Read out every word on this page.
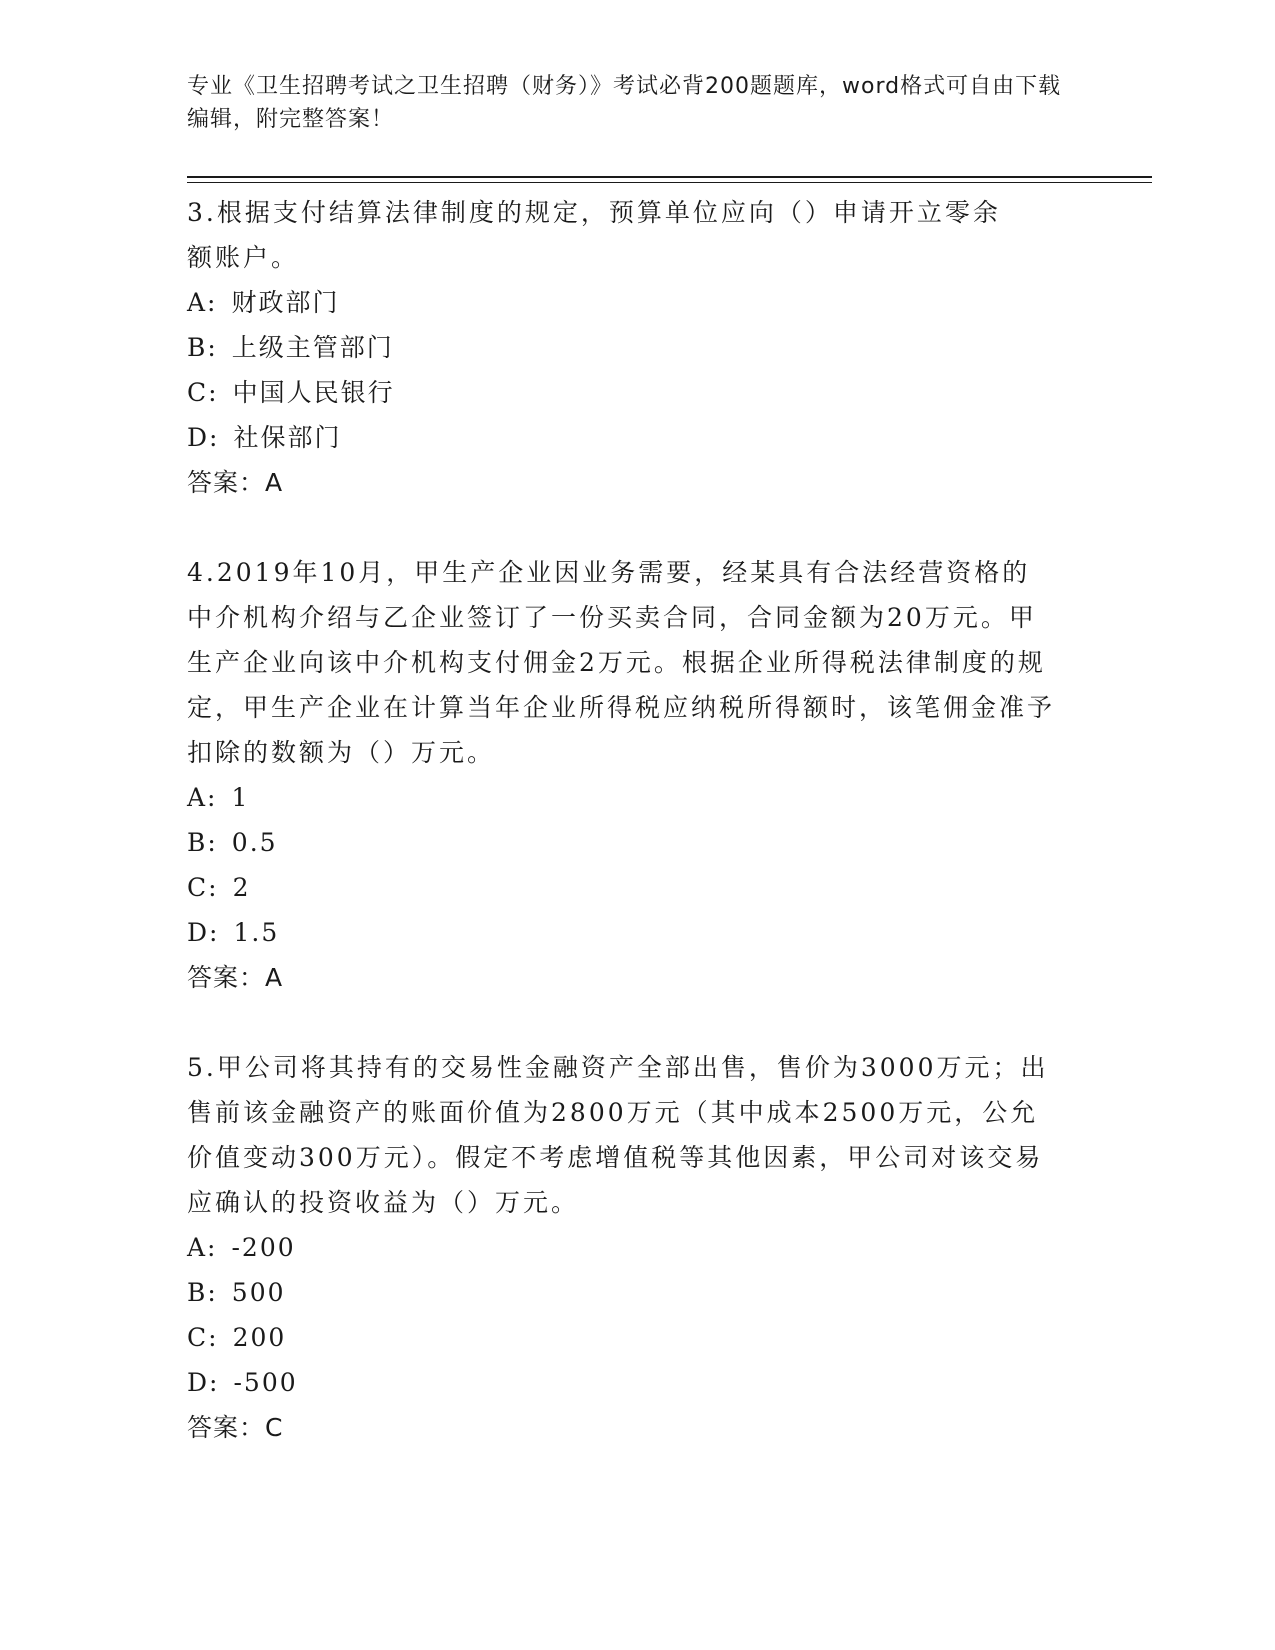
专业《卫生招聘考试之卫生招聘（财务）》考试必背200题题库，word格式可自由下载编辑，附完整答案！

3.根据支付结算法律制度的规定，预算单位应向（）申请开立零余额账户。

A: 财政部门
B: 上级主管部门
C: 中国人民银行
D: 社保部门
答案：A

4.2019年10月，甲生产企业因业务需要，经某具有合法经营资格的中介机构介绍与乙企业签订了一份买卖合同，合同金额为20万元。甲生产企业向该中介机构支付佣金2万元。根据企业所得税法律制度的规定，甲生产企业在计算当年企业所得税应纳税所得额时，该笔佣金准予扣除的数额为（）万元。

A: 1
B: 0.5
C: 2
D: 1.5
答案：A

5.甲公司将其持有的交易性金融资产全部出售，售价为3000万元；出售前该金融资产的账面价值为2800万元（其中成本2500万元，公允价值变动300万元）。假定不考虑增值税等其他因素，甲公司对该交易应确认的投资收益为（）万元。

A: -200
B: 500
C: 200
D: -500
答案：C
